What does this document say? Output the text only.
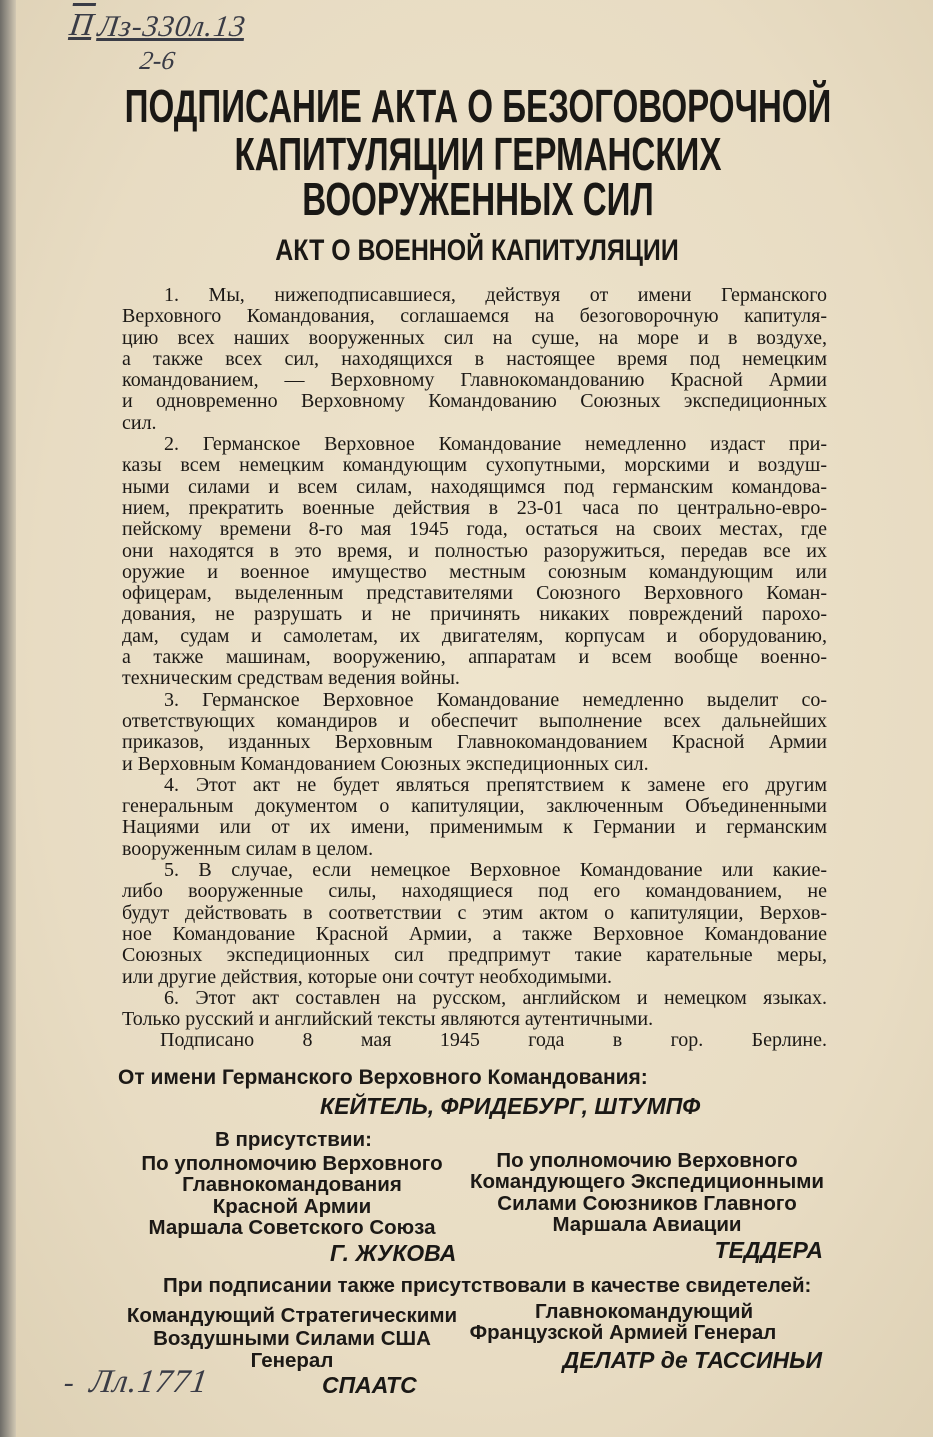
П Лз-330л.13
2-6
- Лл.1771
ПОДПИСАНИЕ АКТА О БЕЗОГОВОРОЧНОЙ
КАПИТУЛЯЦИИ ГЕРМАНСКИХ
ВООРУЖЕННЫХ СИЛ
АКТ О ВОЕННОЙ КАПИТУЛЯЦИИ
1. Мы, нижеподписавшиеся, действуя от имени Германского
Верховного Командования, соглашаемся на безоговорочную капитуля-
цию всех наших вооруженных сил на суше, на море и в воздухе,
а также всех сил, находящихся в настоящее время под немецким
командованием, — Верховному Главнокомандованию Красной Армии
и одновременно Верховному Командованию Союзных экспедиционных
сил.
2. Германское Верховное Командование немедленно издаст при-
казы всем немецким командующим сухопутными, морскими и воздуш-
ными силами и всем силам, находящимся под германским командова-
нием, прекратить военные действия в 23-01 часа по центрально-евро-
пейскому времени 8-го мая 1945 года, остаться на своих местах, где
они находятся в это время, и полностью разоружиться, передав все их
оружие и военное имущество местным союзным командующим или
офицерам, выделенным представителями Союзного Верховного Коман-
дования, не разрушать и не причинять никаких повреждений парохо-
дам, судам и самолетам, их двигателям, корпусам и оборудованию,
а также машинам, вооружению, аппаратам и всем вообще военно-
техническим средствам ведения войны.
3. Германское Верховное Командование немедленно выделит со-
ответствующих командиров и обеспечит выполнение всех дальнейших
приказов, изданных Верховным Главнокомандованием Красной Армии
и Верховным Командованием Союзных экспедиционных сил.
4. Этот акт не будет являться препятствием к замене его другим
генеральным документом о капитуляции, заключенным Объединенными
Нациями или от их имени, применимым к Германии и германским
вооруженным силам в целом.
5. В случае, если немецкое Верховное Командование или какие-
либо вооруженные силы, находящиеся под его командованием, не
будут действовать в соответствии с этим актом о капитуляции, Верхов-
ное Командование Красной Армии, а также Верховное Командование
Союзных экспедиционных сил предпримут такие карательные меры,
или другие действия, которые они сочтут необходимыми.
6. Этот акт составлен на русском, английском и немецком языках.
Только русский и английский тексты являются аутентичными.
Подписано 8 мая 1945 года в гор. Берлине.
От имени Германского Верховного Командования:
КЕЙТЕЛЬ, ФРИДЕБУРГ, ШТУМПФ
В присутствии:
По уполномочию Верховного
Главнокомандования
Красной Армии
Маршала Советского Союза
Г. ЖУКОВА
По уполномочию Верховного
Командующего Экспедиционными
Силами Союзников Главного
Маршала Авиации
ТЕДДЕРА
При подписании также присутствовали в качестве свидетелей:
Командующий Стратегическими
Воздушными Силами США
Генерал
СПААТС
Главнокомандующий
Французской Армией Генерал
ДЕЛАТР де ТАССИНЬИ
